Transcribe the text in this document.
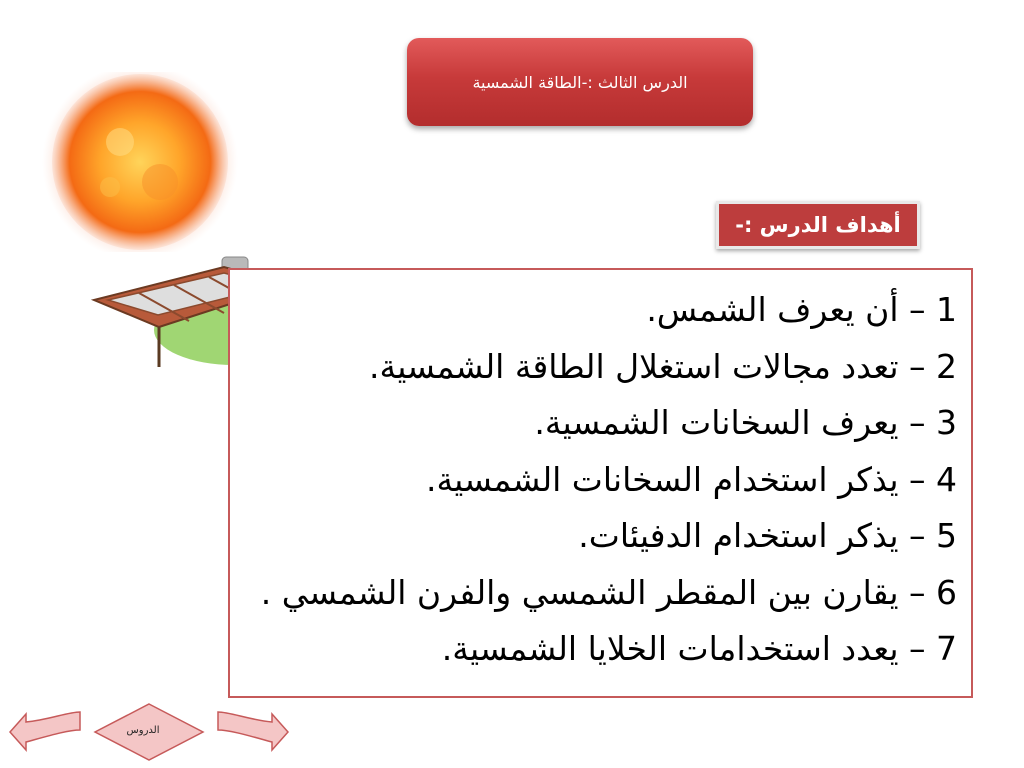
الدرس الثالث :-الطاقة الشمسية
أهداف الدرس :-
1 – أن يعرف الشمس.
2 – تعدد مجالات استغلال الطاقة الشمسية.
3 – يعرف السخانات الشمسية.
4 – يذكر استخدام السخانات الشمسية.
5 – يذكر استخدام الدفيئات.
6 – يقارن بين المقطر الشمسي والفرن الشمسي .
7 – يعدد استخدامات الخلايا الشمسية.
الدروس
